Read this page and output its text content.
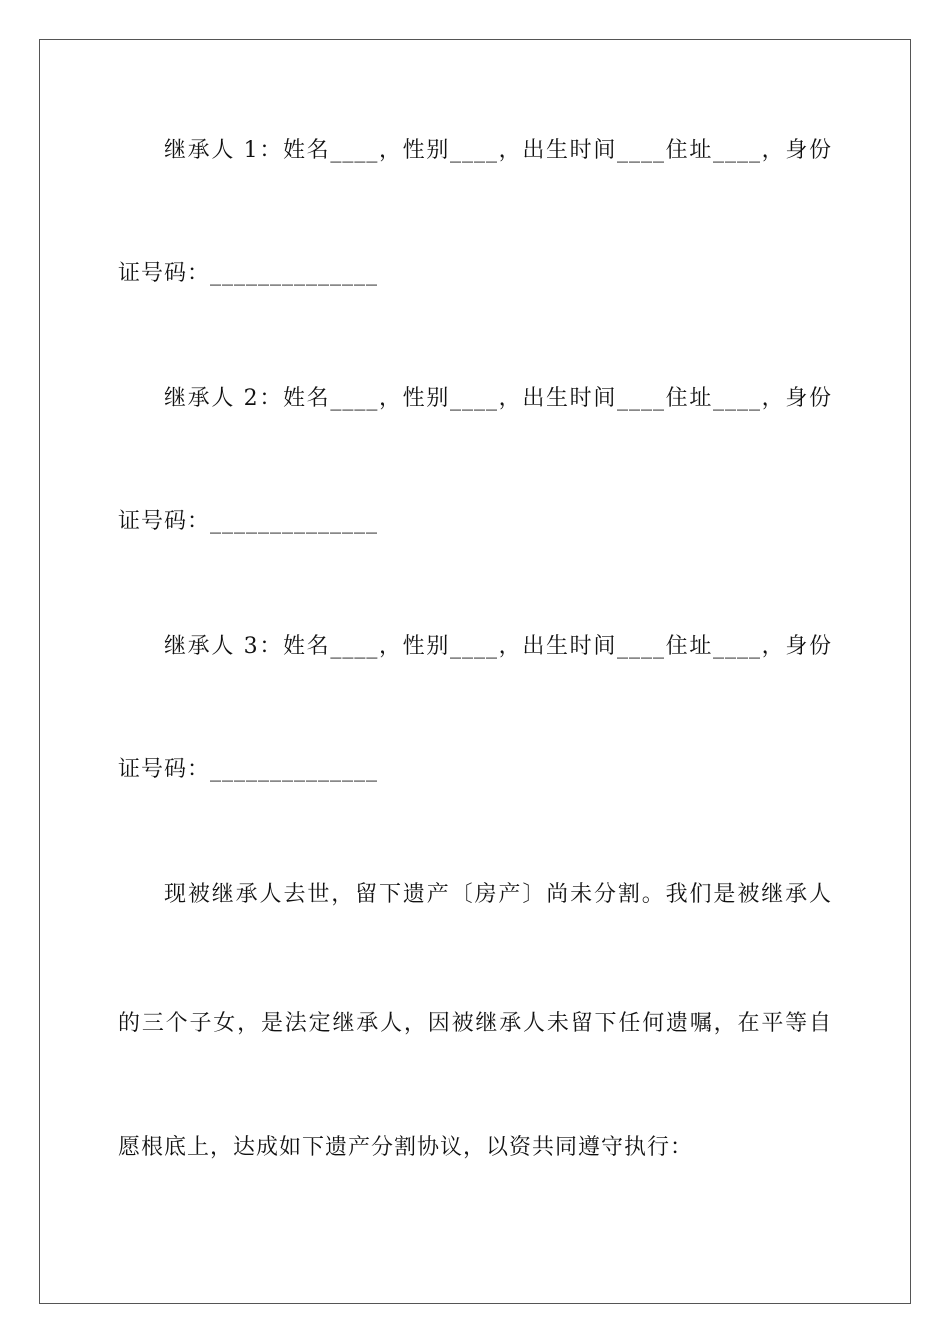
继承人 1：姓名____，性别____，出生时间____住址____，身份
证号码：______________
继承人 2：姓名____，性别____，出生时间____住址____，身份
证号码：______________
继承人 3：姓名____，性别____，出生时间____住址____，身份
证号码：______________
现被继承人去世，留下遗产〔房产〕尚未分割。我们是被继承人
的三个子女，是法定继承人，因被继承人未留下任何遗嘱，在平等自
愿根底上，达成如下遗产分割协议，以资共同遵守执行：
